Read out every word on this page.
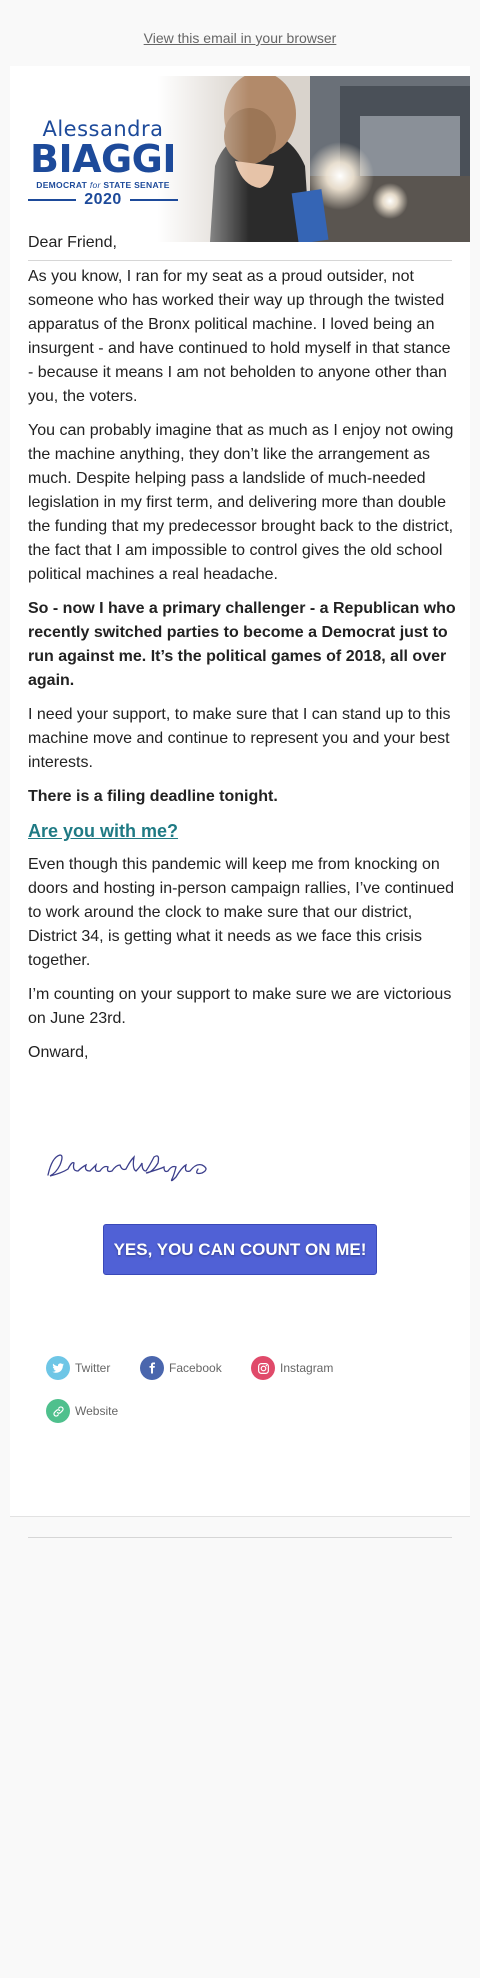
View this email in your browser
Alessandra
BIAGGI
DEMOCRAT for STATE SENATE
2020

Dear Friend,

As you know, I ran for my seat as a proud outsider, not someone who has worked their way up through the twisted apparatus of the Bronx political machine. I loved being an insurgent - and have continued to hold myself in that stance - because it means I am not beholden to anyone other than you, the voters.

You can probably imagine that as much as I enjoy not owing the machine anything, they don’t like the arrangement as much. Despite helping pass a landslide of much-needed legislation in my first term, and delivering more than double the funding that my predecessor brought back to the district, the fact that I am impossible to control gives the old school political machines a real headache.

So - now I have a primary challenger - a Republican who recently switched parties to become a Democrat just to run against me. It’s the political games of 2018, all over again.

I need your support, to make sure that I can stand up to this machine move and continue to represent you and your best interests.

There is a filing deadline tonight.

Are you with me?

Even though this pandemic will keep me from knocking on doors and hosting in-person campaign rallies, I’ve continued to work around the clock to make sure that our district, District 34, is getting what it needs as we face this crisis together.

I’m counting on your support to make sure we are victorious on June 23rd.

Onward,

YES, YOU CAN COUNT ON ME!
Twitter	Facebook	Instagram
Website
